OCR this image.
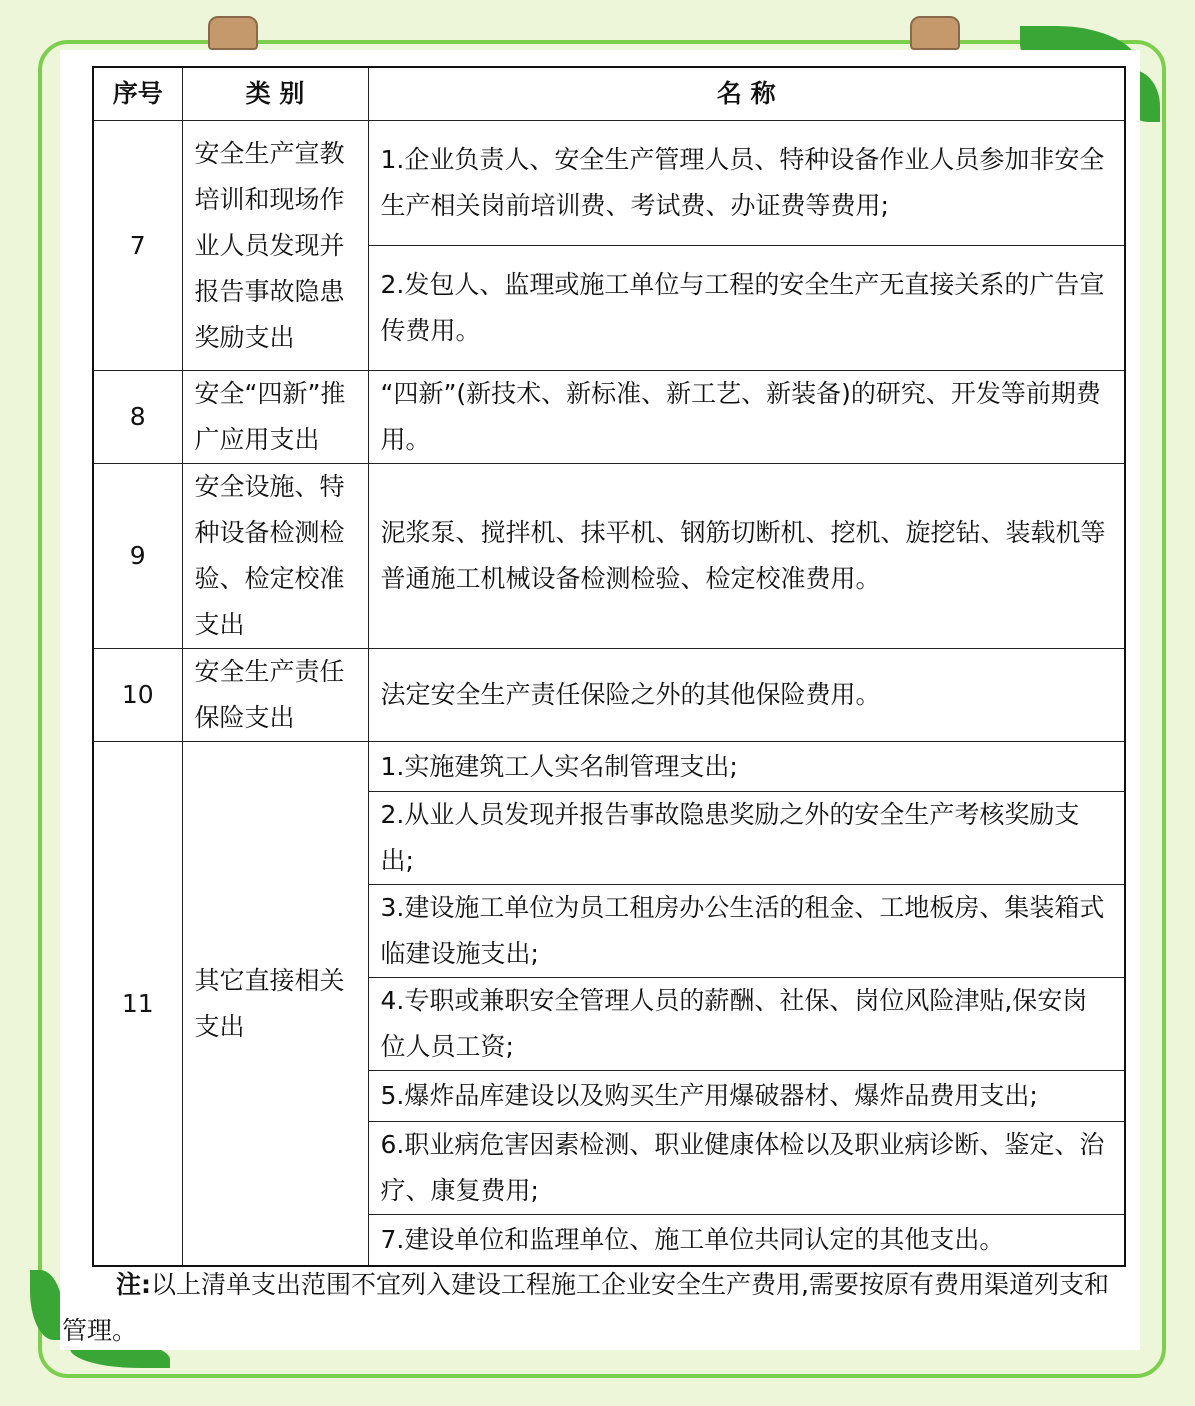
序号	类 别	名 称
7	安全生产宣教培训和现场作业人员发现并报告事故隐患奖励支出	1.企业负责人、安全生产管理人员、特种设备作业人员参加非安全生产相关岗前培训费、考试费、办证费等费用;
		2.发包人、监理或施工单位与工程的安全生产无直接关系的广告宣传费用。
8	安全“四新”推广应用支出	“四新”(新技术、新标准、新工艺、新装备)的研究、开发等前期费用。
9	安全设施、特种设备检测检验、检定校准支出	泥浆泵、搅拌机、抹平机、钢筋切断机、挖机、旋挖钻、装载机等普通施工机械设备检测检验、检定校准费用。
10	安全生产责任保险支出	法定安全生产责任保险之外的其他保险费用。
11	其它直接相关支出	1.实施建筑工人实名制管理支出;
		2.从业人员发现并报告事故隐患奖励之外的安全生产考核奖励支出;
		3.建设施工单位为员工租房办公生活的租金、工地板房、集装箱式临建设施支出;
		4.专职或兼职安全管理人员的薪酬、社保、岗位风险津贴,保安岗位人员工资;
		5.爆炸品库建设以及购买生产用爆破器材、爆炸品费用支出;
		6.职业病危害因素检测、职业健康体检以及职业病诊断、鉴定、治疗、康复费用;
		7.建设单位和监理单位、施工单位共同认定的其他支出。
注:以上清单支出范围不宜列入建设工程施工企业安全生产费用,需要按原有费用渠道列支和管理。
